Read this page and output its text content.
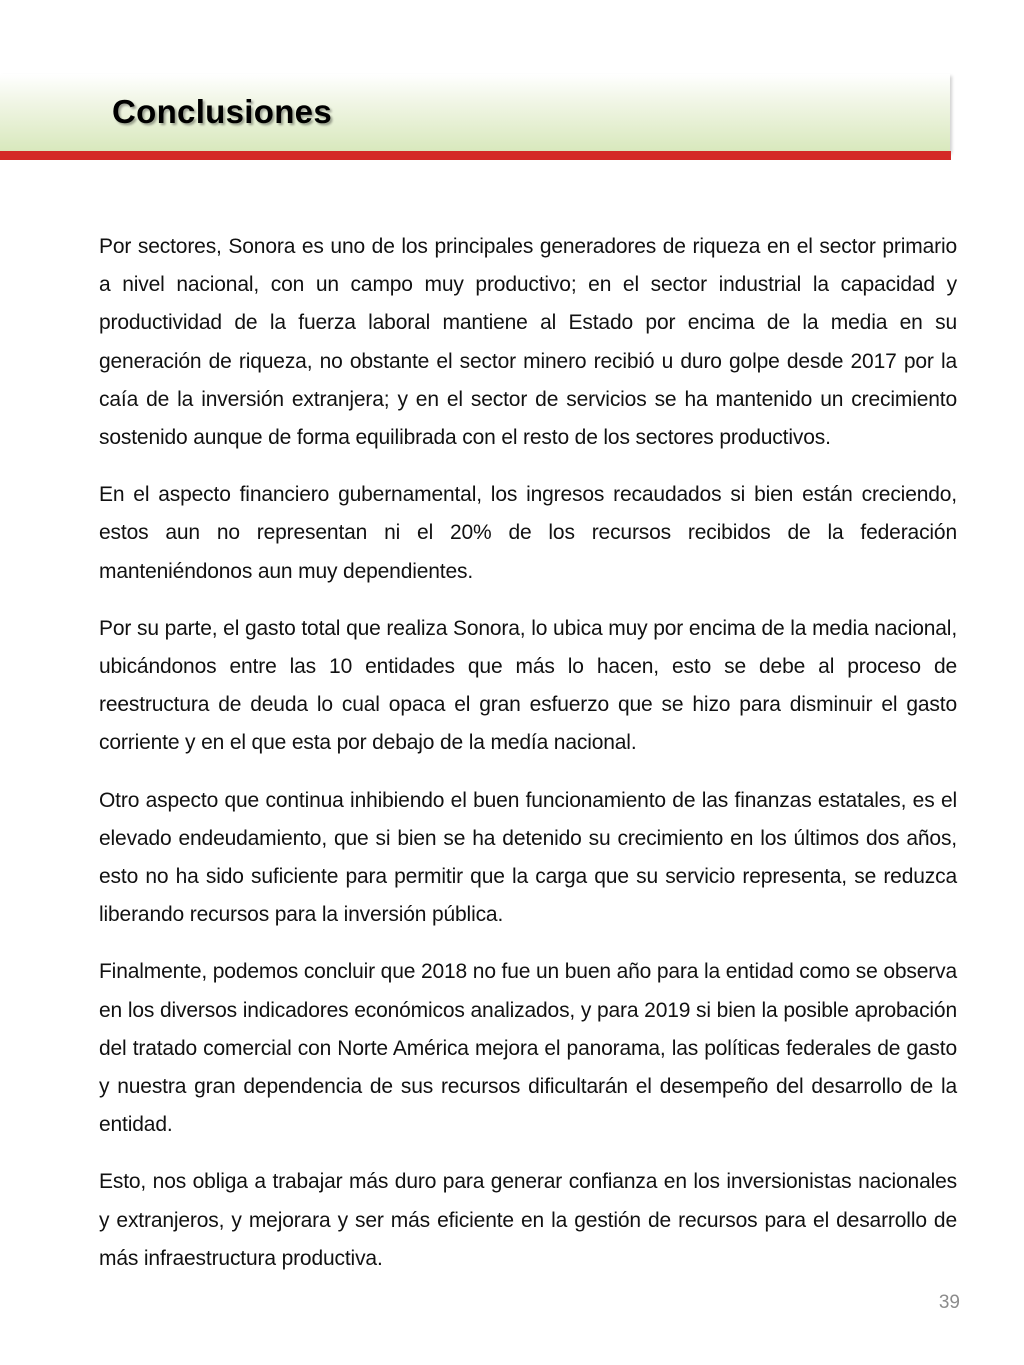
Conclusiones

Por sectores, Sonora es uno de los principales generadores de riqueza en el sector primario a nivel nacional, con un campo muy productivo; en el sector industrial la capacidad y productividad de la fuerza laboral mantiene al Estado por encima de la media en su generación de riqueza, no obstante el sector minero recibió u duro golpe desde 2017 por la caía de la inversión extranjera; y en el sector de servicios se ha mantenido un crecimiento sostenido aunque de forma equilibrada con el resto de los sectores productivos.

En el aspecto financiero gubernamental, los ingresos recaudados si bien están creciendo, estos aun no representan ni el 20% de los recursos recibidos de la federación manteniéndonos aun muy dependientes.

Por su parte, el gasto total que realiza Sonora, lo ubica muy por encima de la media nacional, ubicándonos entre las 10 entidades que más lo hacen, esto se debe al proceso de reestructura de deuda lo cual opaca el gran esfuerzo que se hizo para disminuir el gasto corriente y en el que esta por debajo de la medía nacional.

Otro aspecto que continua inhibiendo el buen funcionamiento de las finanzas estatales, es el elevado endeudamiento, que si bien se ha detenido su crecimiento en los últimos dos años, esto no ha sido suficiente para permitir que la carga que su servicio representa, se reduzca liberando recursos para la inversión pública.

Finalmente, podemos concluir que 2018 no fue un buen año para la entidad como se observa en los diversos indicadores económicos analizados, y para 2019 si bien la posible aprobación del tratado comercial con Norte América mejora el panorama, las políticas federales de gasto y nuestra gran dependencia de sus recursos dificultarán el desempeño del desarrollo de la entidad.

Esto, nos obliga a trabajar más duro para generar confianza en los inversionistas nacionales y extranjeros, y mejorara y ser más eficiente en la gestión de recursos para el desarrollo de más infraestructura productiva.

39
